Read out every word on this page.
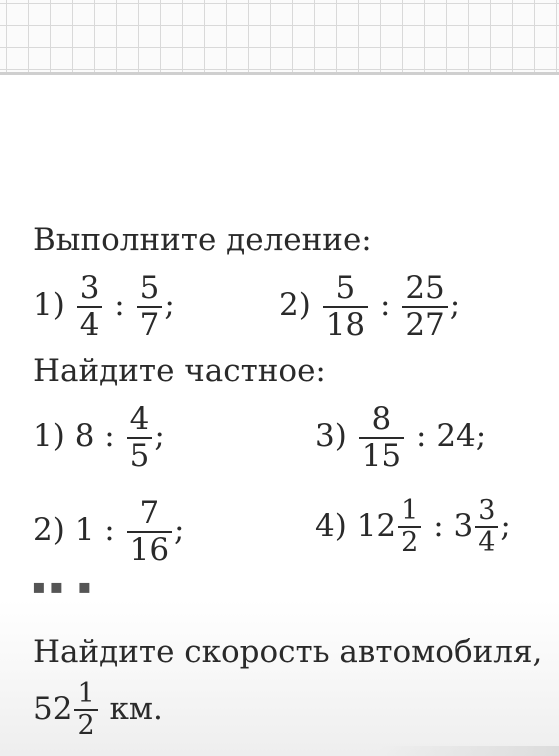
Выполните деление:
$1) \frac{3}{4}$ : $\frac{5}{7}$ ;	$2) \frac{5}{18}$ : $\frac{25}{27}$ ;
Найдите частное:
1) 8 : $\frac{4}{5}$ ;	$3) \frac{8}{15}$ : 24;
2) 1 : $\frac{7}{16}$ ;	4) $12 \frac{1}{2}$ : $3 \frac{3}{4}$ ;
▪▪ ▪
Найдите скорость автомобиля,
$52 \frac{1}{2}$ км.
